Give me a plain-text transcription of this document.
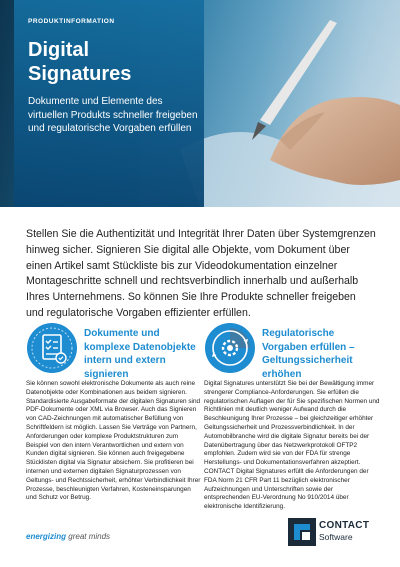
PRODUKTINFORMATION
Digital Signatures

Dokumente und Elemente des virtuellen Produkts schneller freigeben und regulatorische Vorgaben erfüllen

Stellen Sie die Authentizität und Integrität Ihrer Daten über Systemgrenzen hinweg sicher. Signieren Sie digital alle Objekte, vom Dokument über einen Artikel samt Stückliste bis zur Videodokumentation einzelner Montageschritte schnell und rechtsverbindlich innerhalb und außerhalb Ihres Unternehmens. So können Sie Ihre Produkte schneller freigeben und regulatorische Vorgaben effizienter erfüllen.

Dokumente und komplexe Datenobjekte intern und extern signieren

Sie können sowohl elektronische Dokumente als auch reine Datenobjekte oder Kombinationen aus beidem signieren. Standardisierte Ausgabeformate der digitalen Signaturen sind PDF-Dokumente oder XML via Browser. Auch das Signieren von CAD-Zeichnungen mit automatischer Befüllung von Schriftfeldern ist möglich. Lassen Sie Verträge von Partnern, Anforderungen oder komplexe Produktstrukturen zum Beispiel von den intern Verantwortlichen und extern von Kunden digital signieren. Sie können auch freigegebene Stücklisten digital via Signatur absichern. Sie profitieren bei internen und externen digitalen Signaturprozessen von Geltungs- und Rechtssicherheit, erhöhter Verbindlichkeit Ihrer Prozesse, beschleunigten Verfahren, Kosteneinsparungen und Schutz vor Betrug.

Regulatorische Vorgaben erfüllen – Geltungssicherheit erhöhen

Digital Signatures unterstützt Sie bei der Bewältigung immer strengerer Compliance-Anforderungen. Sie erfüllen die regulatorischen Auflagen der für Sie spezifischen Normen und Richtlinien mit deutlich weniger Aufwand durch die Beschleunigung Ihrer Prozesse – bei gleichzeitiger erhöhter Geltungssicherheit und Prozessverbindlichkeit. In der Automobilbranche wird die digitale Signatur bereits bei der Datenübertragung über das Netzwerkprotokoll OFTP2 empfohlen. Zudem wird sie von der FDA für strenge Herstellungs- und Dokumentationsverfahren akzeptiert. CONTACT Digital Signatures erfüllt die Anforderungen der FDA Norm 21 CFR Part 11 bezüglich elektronischer Aufzeichnungen und Unterschriften sowie der entsprechenden EU-Verordnung No 910/2014 über elektronische Identifizierung.

energizing great minds
CONTACT
Software
